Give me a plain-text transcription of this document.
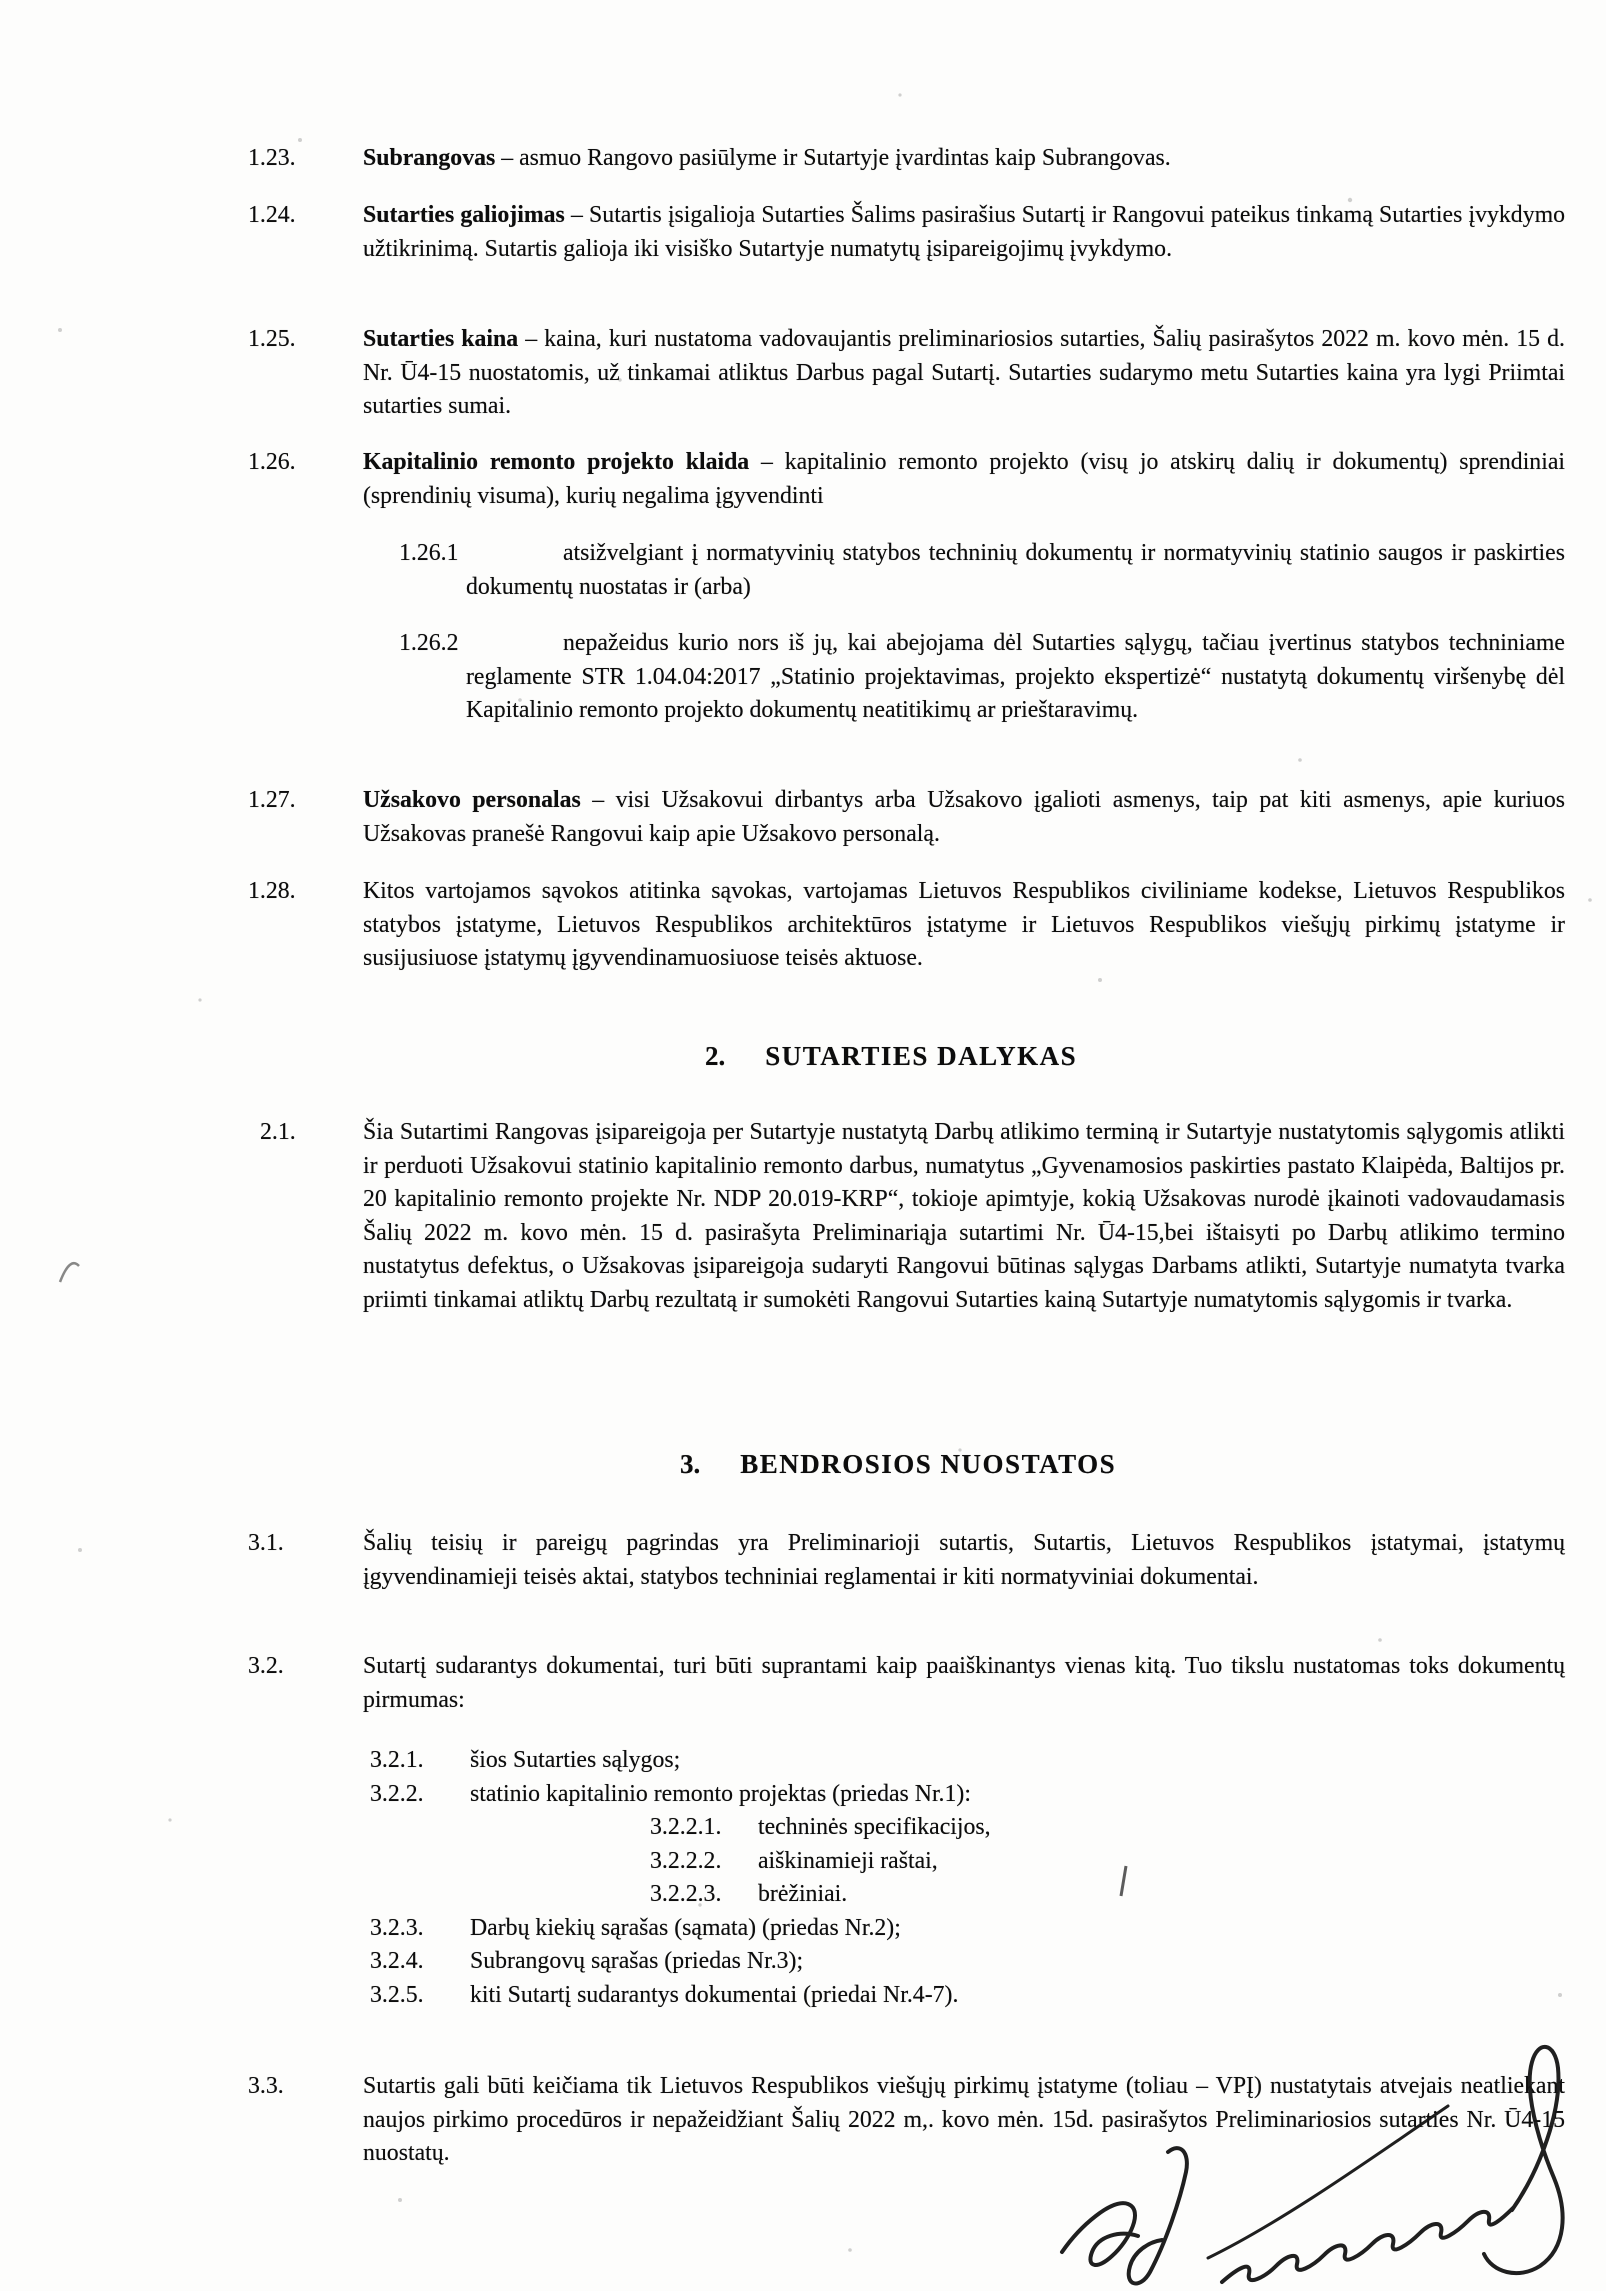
1.23.	Subrangovas – asmuo Rangovo pasiūlyme ir Sutartyje įvardintas kaip Subrangovas.
1.24.	Sutarties galiojimas – Sutartis įsigalioja Sutarties Šalims pasirašius Sutartį ir Rangovui pateikus tinkamą Sutarties įvykdymo užtikrinimą. Sutartis galioja iki visiško Sutartyje numatytų įsipareigojimų įvykdymo.
1.25.	Sutarties kaina – kaina, kuri nustatoma vadovaujantis preliminariosios sutarties, Šalių pasirašytos 2022 m. kovo mėn. 15 d. Nr. Ū4-15 nuostatomis, už tinkamai atliktus Darbus pagal Sutartį. Sutarties sudarymo metu Sutarties kaina yra lygi Priimtai sutarties sumai.
1.26.	Kapitalinio remonto projekto klaida – kapitalinio remonto projekto (visų jo atskirų dalių ir dokumentų) sprendiniai (sprendinių visuma), kurių negalima įgyvendinti
1.26.1	atsižvelgiant į normatyvinių statybos techninių dokumentų ir normatyvinių statinio saugos ir paskirties dokumentų nuostatas ir (arba)
1.26.2	nepažeidus kurio nors iš jų, kai abejojama dėl Sutarties sąlygų, tačiau įvertinus statybos techniniame reglamente STR 1.04.04:2017 „Statinio projektavimas, projekto ekspertizė“ nustatytą dokumentų viršenybę dėl Kapitalinio remonto projekto dokumentų neatitikimų ar prieštaravimų.
1.27.	Užsakovo personalas – visi Užsakovui dirbantys arba Užsakovo įgalioti asmenys, taip pat kiti asmenys, apie kuriuos Užsakovas pranešė Rangovui kaip apie Užsakovo personalą.
1.28.	Kitos vartojamos sąvokos atitinka sąvokas, vartojamas Lietuvos Respublikos civiliniame kodekse, Lietuvos Respublikos statybos įstatyme, Lietuvos Respublikos architektūros įstatyme ir Lietuvos Respublikos viešųjų pirkimų įstatyme ir susijusiuose įstatymų įgyvendinamuosiuose teisės aktuose.
2. SUTARTIES DALYKAS
2.1.	Šia Sutartimi Rangovas įsipareigoja per Sutartyje nustatytą Darbų atlikimo terminą ir Sutartyje nustatytomis sąlygomis atlikti ir perduoti Užsakovui statinio kapitalinio remonto darbus, numatytus „Gyvenamosios paskirties pastato Klaipėda, Baltijos pr. 20 kapitalinio remonto projekte Nr. NDP 20.019-KRP“, tokioje apimtyje, kokią Užsakovas nurodė įkainoti vadovaudamasis Šalių 2022 m. kovo mėn. 15 d. pasirašyta Preliminariąja sutartimi Nr. Ū4-15,bei ištaisyti po Darbų atlikimo termino nustatytus defektus, o Užsakovas įsipareigoja sudaryti Rangovui būtinas sąlygas Darbams atlikti, Sutartyje numatyta tvarka priimti tinkamai atliktų Darbų rezultatą ir sumokėti Rangovui Sutarties kainą Sutartyje numatytomis sąlygomis ir tvarka.
3. BENDROSIOS NUOSTATOS
3.1.	Šalių teisių ir pareigų pagrindas yra Preliminarioji sutartis, Sutartis, Lietuvos Respublikos įstatymai, įstatymų įgyvendinamieji teisės aktai, statybos techniniai reglamentai ir kiti normatyviniai dokumentai.
3.2.	Sutartį sudarantys dokumentai, turi būti suprantami kaip paaiškinantys vienas kitą. Tuo tikslu nustatomas toks dokumentų pirmumas:
3.2.1. šios Sutarties sąlygos;
3.2.2. statinio kapitalinio remonto projektas (priedas Nr.1):
3.2.2.1. techninės specifikacijos,
3.2.2.2. aiškinamieji raštai,
3.2.2.3. brėžiniai.
3.2.3. Darbų kiekių sąrašas (sąmata) (priedas Nr.2);
3.2.4. Subrangovų sąrašas (priedas Nr.3);
3.2.5. kiti Sutartį sudarantys dokumentai (priedai Nr.4-7).
3.3.	Sutartis gali būti keičiama tik Lietuvos Respublikos viešųjų pirkimų įstatyme (toliau – VPĮ) nustatytais atvejais neatliekant naujos pirkimo procedūros ir nepažeidžiant Šalių 2022 m,. kovo mėn. 15d. pasirašytos Preliminariosios sutarties Nr. Ū4-15 nuostatų.
